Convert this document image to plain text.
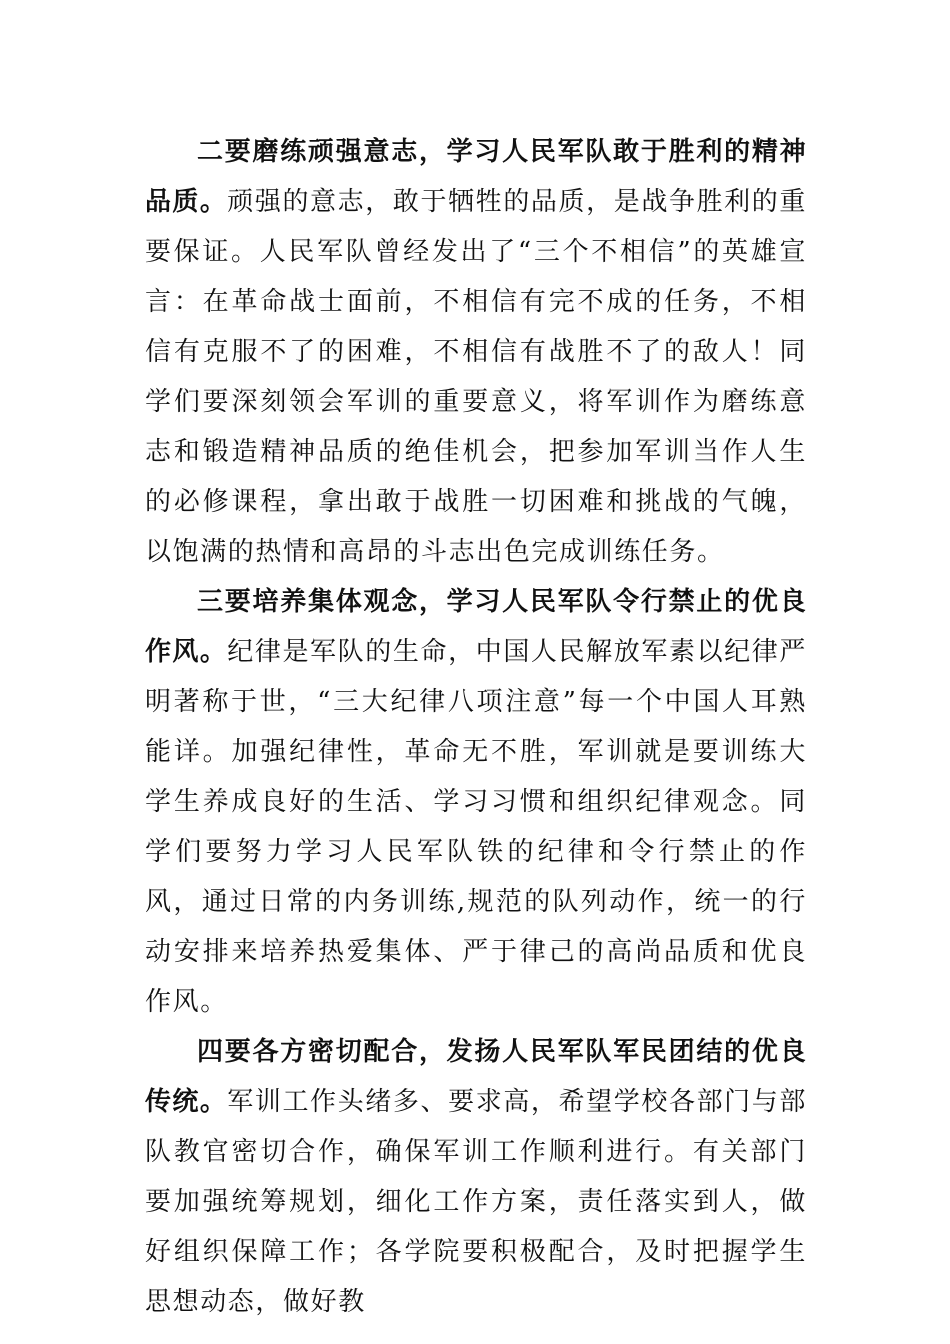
二要磨练顽强意志，学习人民军队敢于胜利的精神品质。顽强的意志，敢于牺牲的品质，是战争胜利的重要保证。人民军队曾经发出了“三个不相信”的英雄宣言：在革命战士面前，不相信有完不成的任务，不相信有克服不了的困难，不相信有战胜不了的敌人！同学们要深刻领会军训的重要意义，将军训作为磨练意志和锻造精神品质的绝佳机会，把参加军训当作人生的必修课程，拿出敢于战胜一切困难和挑战的气魄，以饱满的热情和高昂的斗志出色完成训练任务。

三要培养集体观念，学习人民军队令行禁止的优良作风。纪律是军队的生命，中国人民解放军素以纪律严明著称于世，“三大纪律八项注意”每一个中国人耳熟能详。加强纪律性，革命无不胜，军训就是要训练大学生养成良好的生活、学习习惯和组织纪律观念。同学们要努力学习人民军队铁的纪律和令行禁止的作风，通过日常的内务训练,规范的队列动作，统一的行动安排来培养热爱集体、严于律己的高尚品质和优良作风。

四要各方密切配合，发扬人民军队军民团结的优良传统。军训工作头绪多、要求高，希望学校各部门与部队教官密切合作，确保军训工作顺利进行。有关部门要加强统筹规划，细化工作方案，责任落实到人，做好组织保障工作；各学院要积极配合，及时把握学生思想动态，做好教
